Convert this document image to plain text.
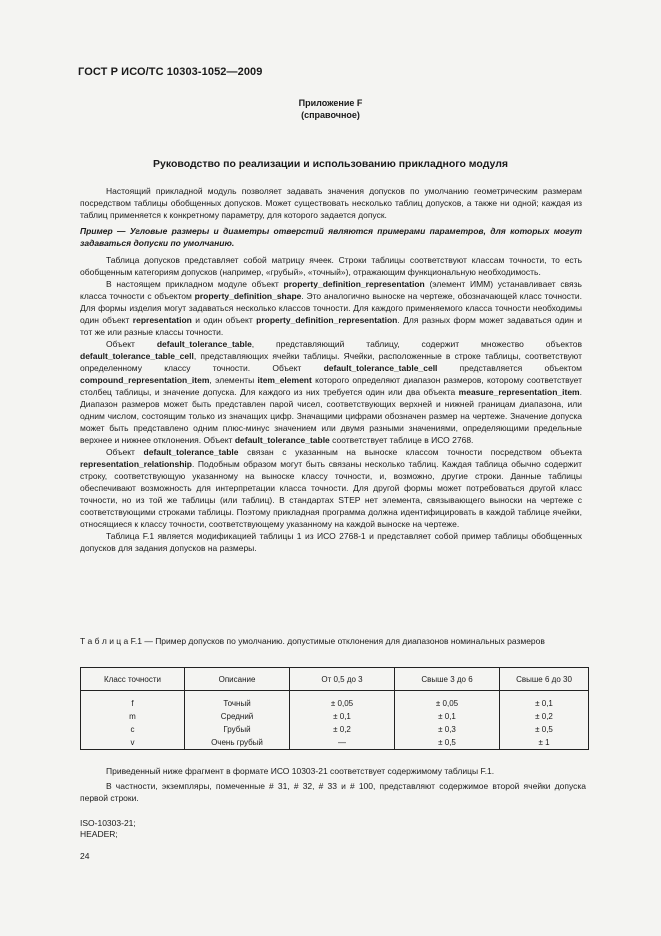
ГОСТ Р ИСО/ТС 10303-1052—2009
Приложение F
(справочное)
Руководство по реализации и использованию прикладного модуля

Настоящий прикладной модуль позволяет задавать значения допусков по умолчанию геометрическим размерам посредством таблицы обобщенных допусков. Может существовать несколько таблиц допусков, а также ни одной; каждая из таблиц применяется к конкретному параметру, для которого задается допуск.

Пример — Угловые размеры и диаметры отверстий являются примерами параметров, для которых могут задаваться допуски по умолчанию.

Таблица допусков представляет собой матрицу ячеек. Строки таблицы соответствуют классам точности, то есть обобщенным категориям допусков (например, «грубый», «точный»), отражающим функциональную необходимость.

В настоящем прикладном модуле объект property_definition_representation (элемент ИММ) устанавливает связь класса точности с объектом property_definition_shape. Это аналогично выноске на чертеже, обозначающей класс точности. Для формы изделия могут задаваться несколько классов точности. Для каждого применяемого класса точности необходимы один объект representation и один объект property_definition_representation. Для разных форм может задаваться один и тот же или разные классы точности.

Объект default_tolerance_table, представляющий таблицу, содержит множество объектов default_tolerance_table_cell, представляющих ячейки таблицы. Ячейки, расположенные в строке таблицы, соответствуют определенному классу точности. Объект default_tolerance_table_cell представляется объектом compound_representation_item, элементы item_element которого определяют диапазон размеров, которому соответствует столбец таблицы, и значение допуска. Для каждого из них требуется один или два объекта measure_representation_item. Диапазон размеров может быть представлен парой чисел, соответствующих верхней и нижней границам диапазона, или одним числом, состоящим только из значащих цифр. Значащими цифрами обозначен размер на чертеже. Значение допуска может быть представлено одним плюс-минус значением или двумя разными значениями, определяющими предельные верхнее и нижнее отклонения. Объект default_tolerance_table соответствует таблице в ИСО 2768.

Объект default_tolerance_table связан с указанным на выноске классом точности посредством объекта representation_relationship. Подобным образом могут быть связаны несколько таблиц. Каждая таблица обычно содержит строку, соответствующую указанному на выноске классу точности, и, возможно, другие строки. Данные таблицы обеспечивают возможность для интерпретации класса точности. Для другой формы может потребоваться другой класс точности, но из той же таблицы (или таблиц). В стандартах STEP нет элемента, связывающего выноски на чертеже с соответствующими строками таблицы. Поэтому прикладная программа должна идентифицировать в каждой таблице ячейки, относящиеся к классу точности, соответствующему указанному на каждой выноске на чертеже.

Таблица F.1 является модификацией таблицы 1 из ИСО 2768-1 и представляет собой пример таблицы обобщенных допусков для задания допусков на размеры.

Т а б л и ц а F.1 — Пример допусков по умолчанию. допустимые отклонения для диапазонов номинальных размеров
Класс точности	Описание	От 0,5 до 3	Свыше 3 до 6	Свыше 6 до 30
f	Точный	± 0,05	± 0,05	± 0,1
m	Средний	± 0,1	± 0,1	± 0,2
c	Грубый	± 0,2	± 0,3	± 0,5
v	Очень грубый	—	± 0,5	± 1

Приведенный ниже фрагмент в формате ИСО 10303-21 соответствует содержимому таблицы F.1.

В частности, экземпляры, помеченные # 31, # 32, # 33 и # 100, представляют содержимое второй ячейки допуска первой строки.

ISO-10303-21;
HEADER;
24
